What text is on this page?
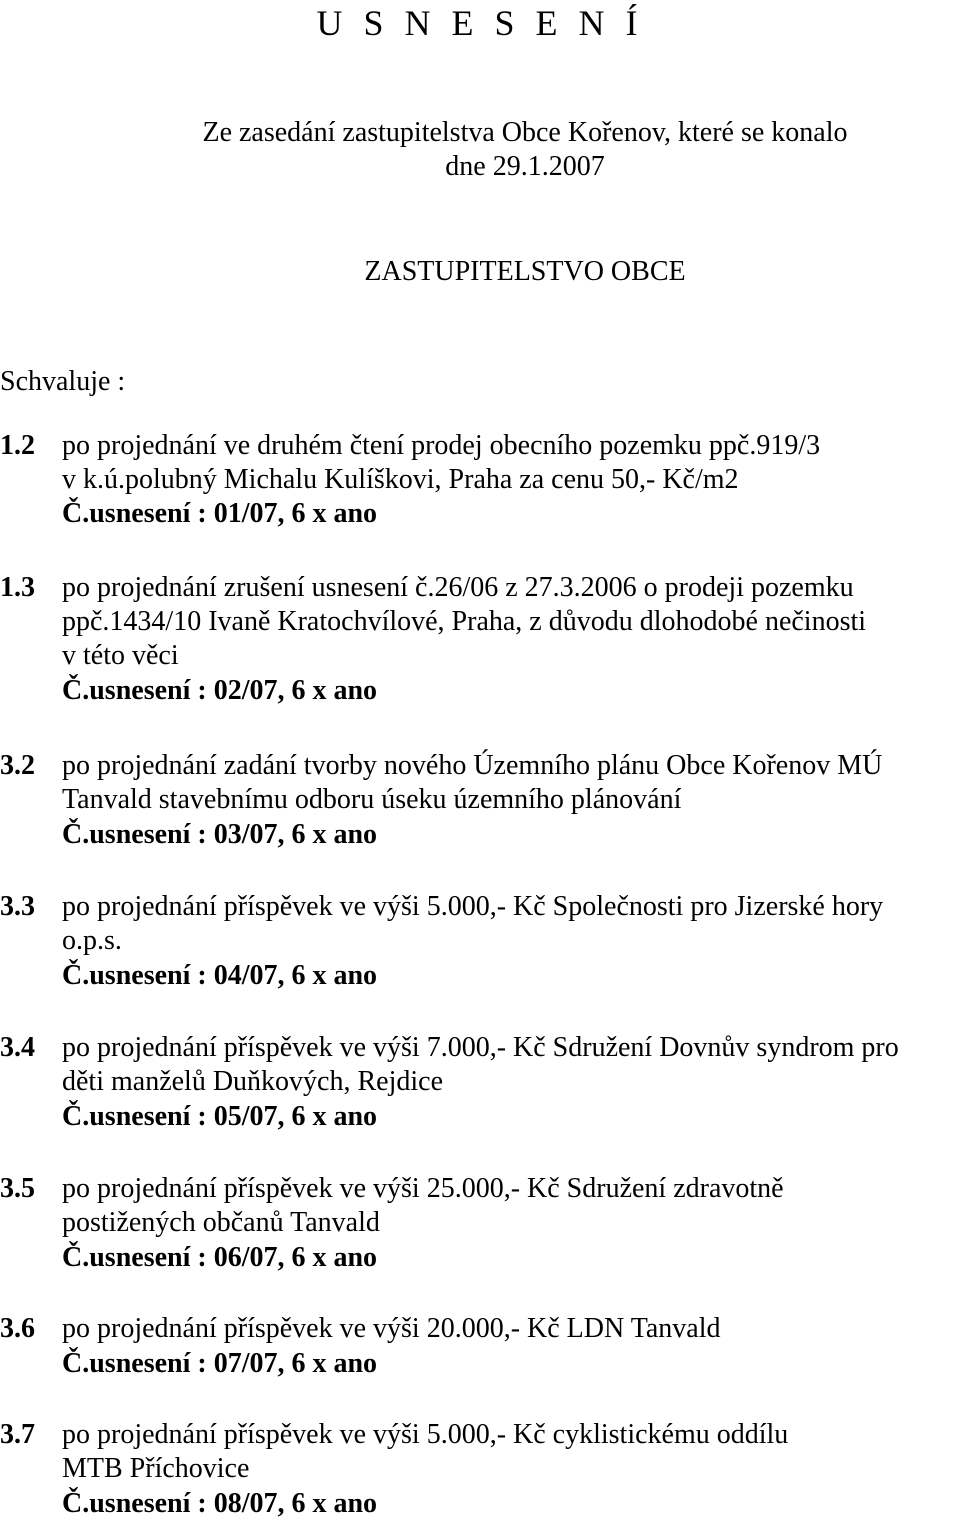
U S N E S E N Í
Ze zasedání zastupitelstva Obce Kořenov, které se konalo
dne 29.1.2007
ZASTUPITELSTVO OBCE
Schvaluje :
1.2 po projednání ve druhém čtení prodej obecního pozemku ppč.919/3
v k.ú.polubný Michalu Kulíškovi, Praha za cenu 50,- Kč/m2
Č.usnesení : 01/07, 6 x ano
1.3 po projednání zrušení usnesení č.26/06 z 27.3.2006 o prodeji pozemku
ppč.1434/10 Ivaně Kratochvílové, Praha, z důvodu dlohodobé nečinosti
v této věci
Č.usnesení : 02/07, 6 x ano
3.2 po projednání zadání tvorby nového Územního plánu Obce Kořenov MÚ
Tanvald stavebnímu odboru úseku územního plánování
Č.usnesení : 03/07, 6 x ano
3.3 po projednání příspěvek ve výši 5.000,- Kč Společnosti pro Jizerské hory
o.p.s.
Č.usnesení : 04/07, 6 x ano
3.4 po projednání příspěvek ve výši 7.000,- Kč Sdružení Dovnův syndrom pro
děti manželů Duňkových, Rejdice
Č.usnesení : 05/07, 6 x ano
3.5 po projednání příspěvek ve výši 25.000,- Kč Sdružení zdravotně
postižených občanů Tanvald
Č.usnesení : 06/07, 6 x ano
3.6 po projednání příspěvek ve výši 20.000,- Kč LDN Tanvald
Č.usnesení : 07/07, 6 x ano
3.7 po projednání příspěvek ve výši 5.000,- Kč cyklistickému oddílu
MTB Příchovice
Č.usnesení : 08/07, 6 x ano
